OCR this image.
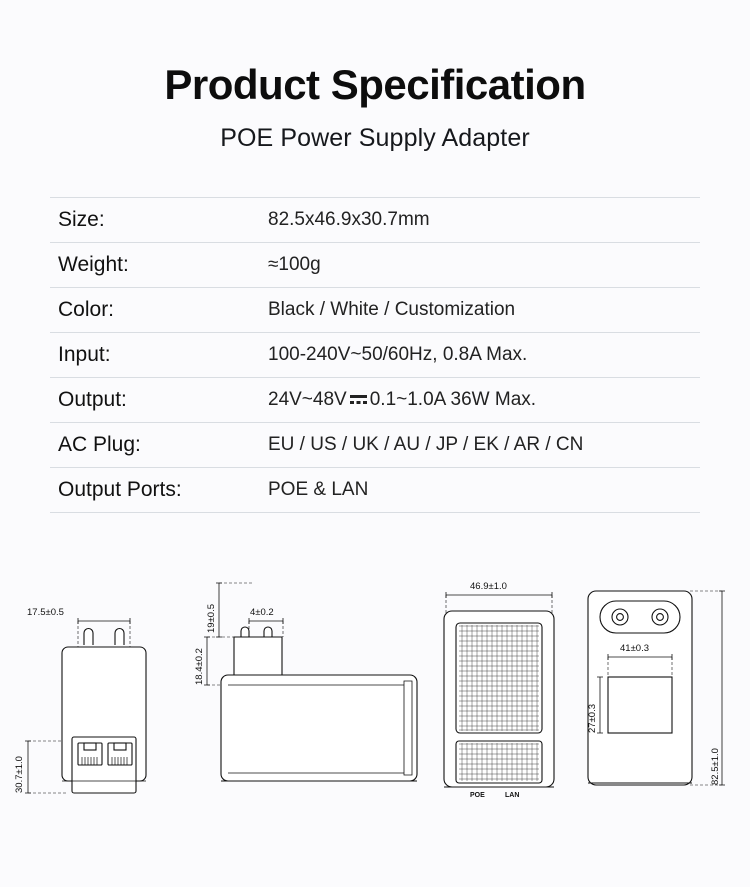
Product Specification
POE Power Supply Adapter
Size:	82.5x46.9x30.7mm
Weight:	≈100g
Color:	Black / White / Customization
Input:	100-240V~50/60Hz, 0.8A Max.
Output:	24V~48V 0.1~1.0A 36W Max.
AC Plug:	EU / US / UK / AU / JP / EK / AR / CN
Output Ports:	POE & LAN
17.5±0.5
30.7±1.0
19±0.5
18.4±0.2
4±0.2
46.9±1.0
POE	LAN
82.5±1.0
41±0.3
27±0.3
